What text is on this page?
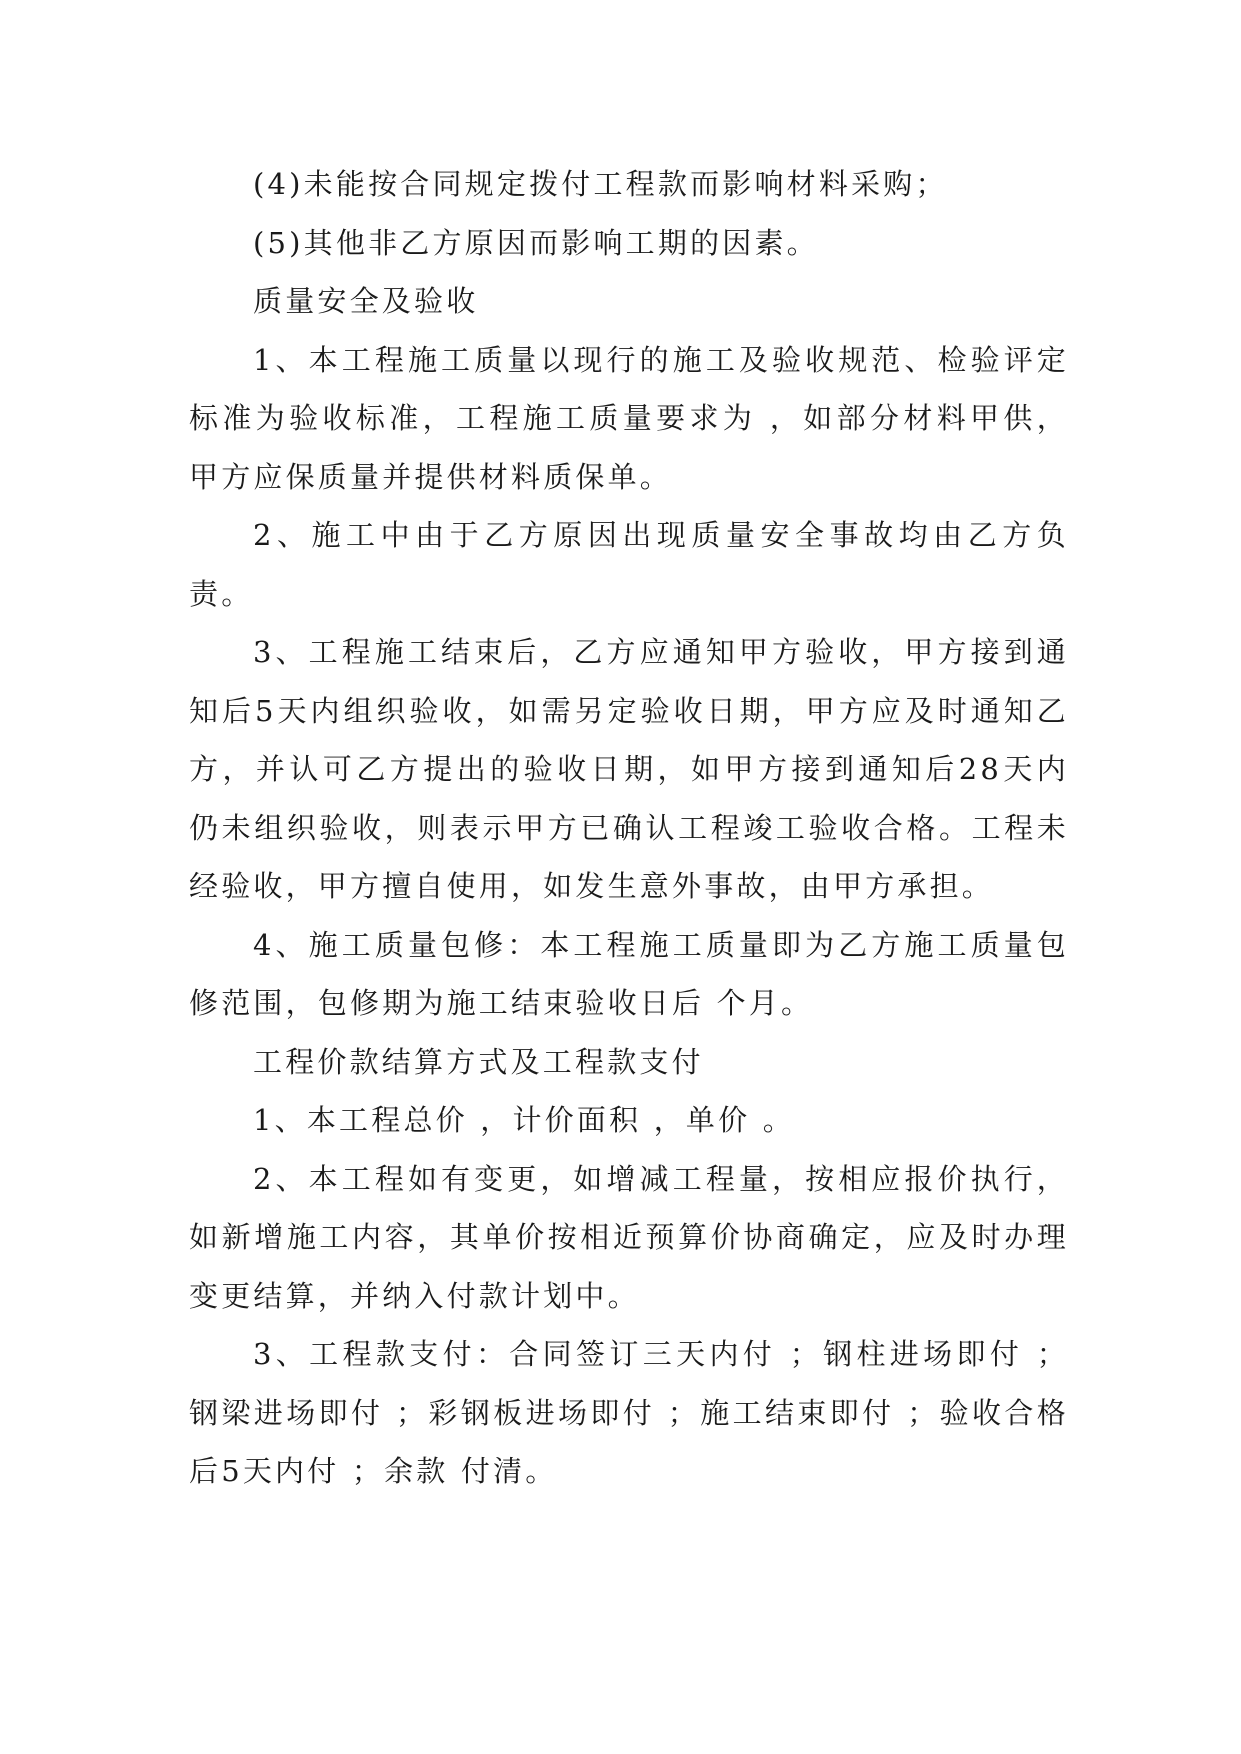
(4)未能按合同规定拨付工程款而影响材料采购；

(5)其他非乙方原因而影响工期的因素。

质量安全及验收

1、本工程施工质量以现行的施工及验收规范、检验评定标准为验收标准，工程施工质量要求为 ，如部分材料甲供，甲方应保质量并提供材料质保单。

2、施工中由于乙方原因出现质量安全事故均由乙方负责。

3、工程施工结束后，乙方应通知甲方验收，甲方接到通知后5天内组织验收，如需另定验收日期，甲方应及时通知乙方，并认可乙方提出的验收日期，如甲方接到通知后28天内仍未组织验收，则表示甲方已确认工程竣工验收合格。工程未经验收，甲方擅自使用，如发生意外事故，由甲方承担。

4、施工质量包修：本工程施工质量即为乙方施工质量包修范围，包修期为施工结束验收日后 个月。

工程价款结算方式及工程款支付

1、本工程总价 ，计价面积 ，单价 。

2、本工程如有变更，如增减工程量，按相应报价执行，如新增施工内容，其单价按相近预算价协商确定，应及时办理变更结算，并纳入付款计划中。

3、工程款支付：合同签订三天内付 ；钢柱进场即付 ；钢梁进场即付 ；彩钢板进场即付 ；施工结束即付 ；验收合格后5天内付 ；余款 付清。
